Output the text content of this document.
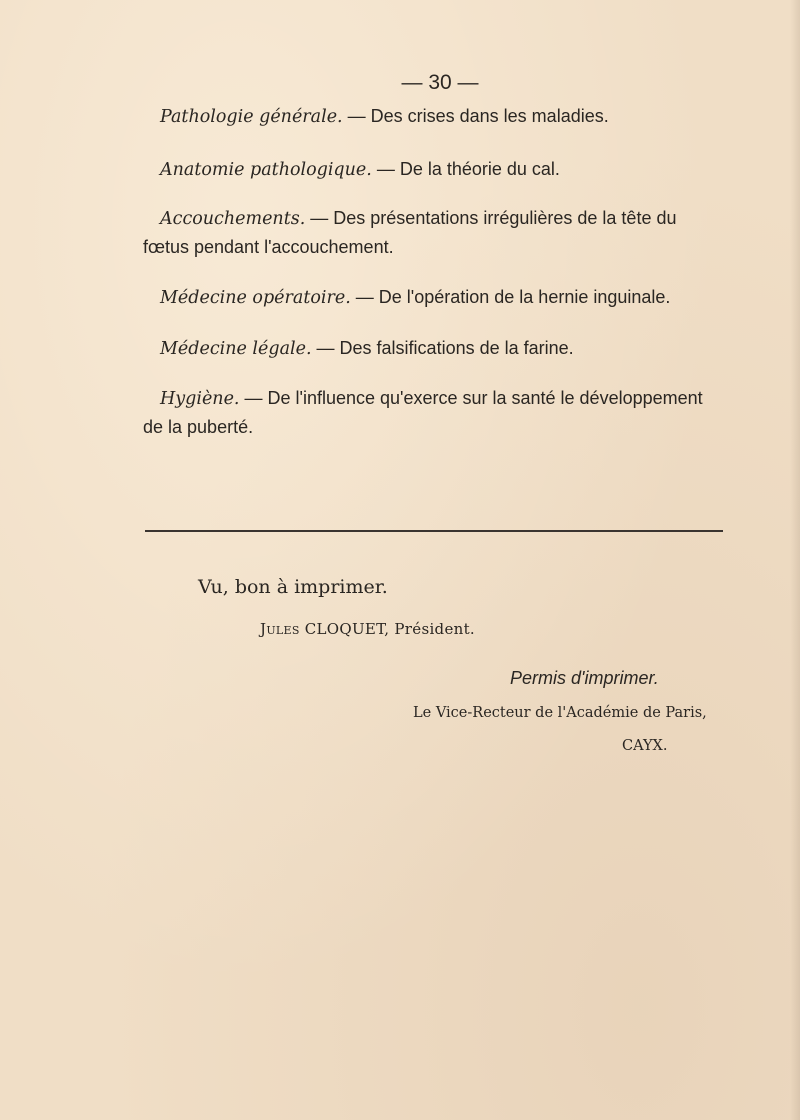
— 30 —
Pathologie générale. — Des crises dans les maladies.
Anatomie pathologique. — De la théorie du cal.
Accouchements. — Des présentations irrégulières de la tête du
fœtus pendant l'accouchement.
Médecine opératoire. — De l'opération de la hernie inguinale.
Médecine légale. — Des falsifications de la farine.
Hygiène. — De l'influence qu'exerce sur la santé le développement
de la puberté.
Vu, bon à imprimer.
JULES CLOQUET, Président.
Permis d'imprimer.
Le Vice-Recteur de l'Académie de Paris,
CAYX.
